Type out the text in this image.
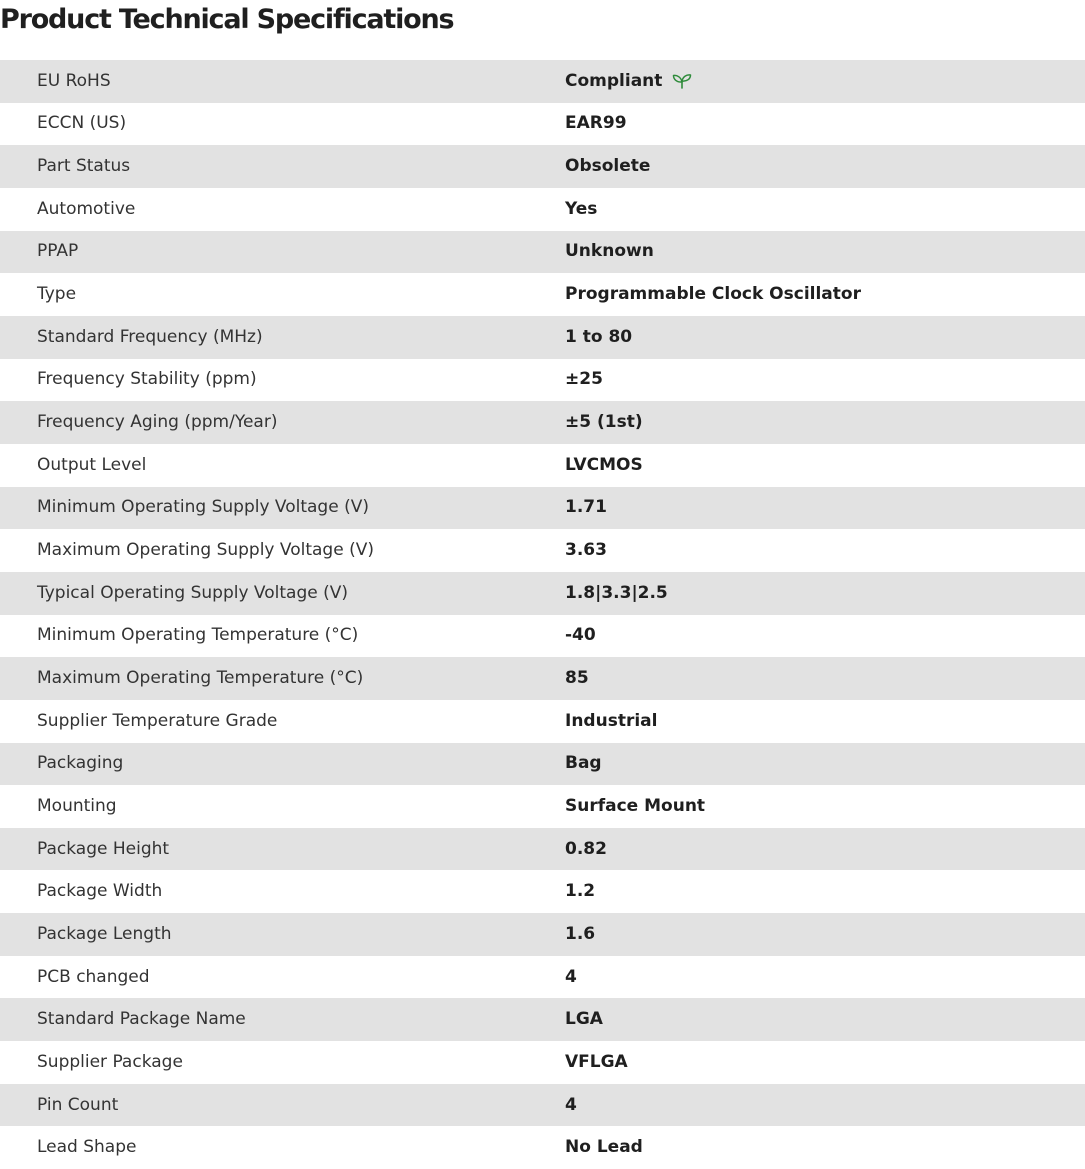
Product Technical Specifications
EU RoHS	Compliant
ECCN (US)	EAR99
Part Status	Obsolete
Automotive	Yes
PPAP	Unknown
Type	Programmable Clock Oscillator
Standard Frequency (MHz)	1 to 80
Frequency Stability (ppm)	±25
Frequency Aging (ppm/Year)	±5 (1st)
Output Level	LVCMOS
Minimum Operating Supply Voltage (V)	1.71
Maximum Operating Supply Voltage (V)	3.63
Typical Operating Supply Voltage (V)	1.8|3.3|2.5
Minimum Operating Temperature (°C)	-40
Maximum Operating Temperature (°C)	85
Supplier Temperature Grade	Industrial
Packaging	Bag
Mounting	Surface Mount
Package Height	0.82
Package Width	1.2
Package Length	1.6
PCB changed	4
Standard Package Name	LGA
Supplier Package	VFLGA
Pin Count	4
Lead Shape	No Lead
